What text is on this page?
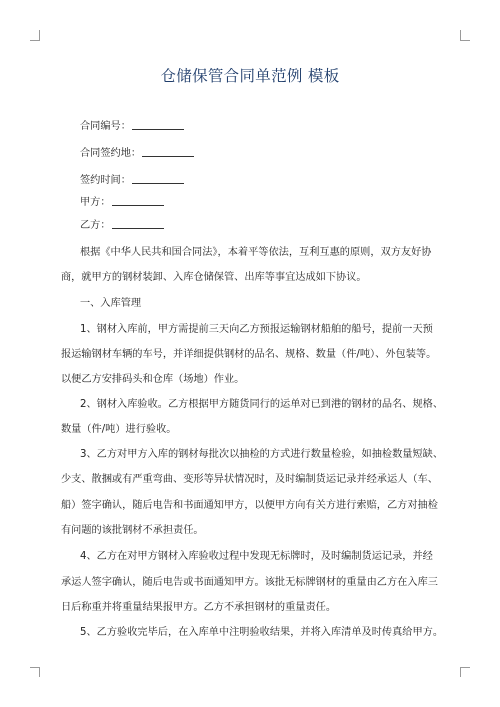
仓储保管合同单范例 模板
合同编号：
合同签约地：
签约时间：
甲方：
乙方：
根据《中华人民共和国合同法》，本着平等依法，互利互惠的原则，双方友好协
商，就甲方的钢材装卸、入库仓储保管、出库等事宜达成如下协议。
一、入库管理
1、钢材入库前，甲方需提前三天向乙方预报运输钢材船舶的船号，提前一天预
报运输钢材车辆的车号，并详细提供钢材的品名、规格、数量（件/吨）、外包装等。
以便乙方安排码头和仓库（场地）作业。
2、钢材入库验收。乙方根据甲方随货同行的运单对已到港的钢材的品名、规格、
数量（件/吨）进行验收。
3、乙方对甲方入库的钢材每批次以抽检的方式进行数量检验，如抽检数量短缺、
少支、散捆或有严重弯曲、变形等异状情况时，及时编制货运记录并经承运人（车、
船）签字确认，随后电告和书面通知甲方，以便甲方向有关方进行索赔，乙方对抽检
有问题的该批钢材不承担责任。
4、乙方在对甲方钢材入库验收过程中发现无标牌时，及时编制货运记录，并经
承运人签字确认，随后电告或书面通知甲方。该批无标牌钢材的重量由乙方在入库三
日后称重并将重量结果报甲方。乙方不承担钢材的重量责任。
5、乙方验收完毕后，在入库单中注明验收结果，并将入库清单及时传真给甲方。
